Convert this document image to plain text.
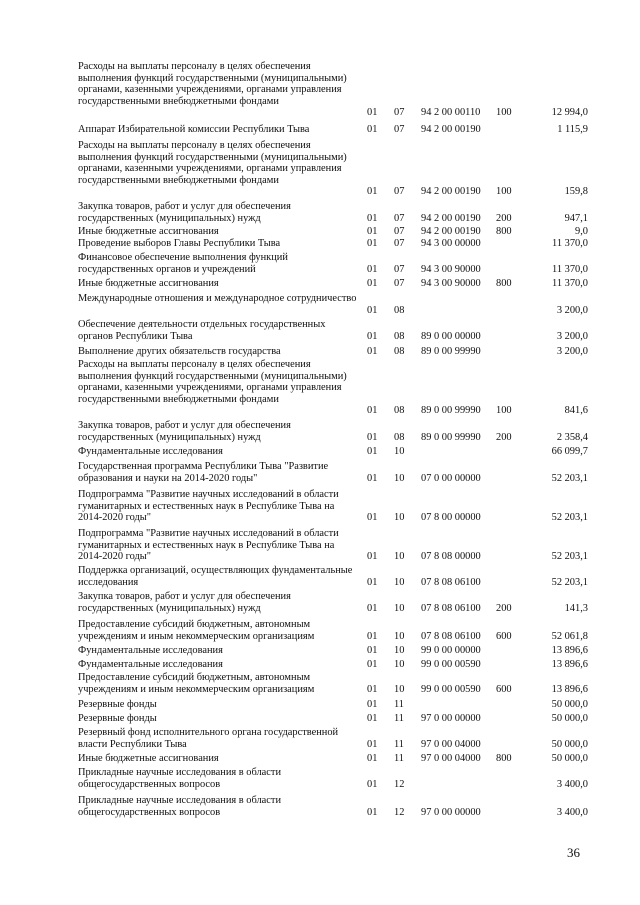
Расходы на выплаты персоналу в целях обеспечения выполнения функций государственными (муниципальными) органами, казенными учреждениями, органами управления государственными внебюджетными фондами
01 07 94 2 00 00110 100	12 994,0
Аппарат Избирательной комиссии Республики Тыва	01 07 94 2 00 00190	1 115,9
Расходы на выплаты персоналу в целях обеспечения выполнения функций государственными (муниципальными) органами, казенными учреждениями, органами управления государственными внебюджетными фондами
01 07 94 2 00 00190 100	159,8
Закупка товаров, работ и услуг для обеспечения государственных (муниципальных) нужд	01 07 94 2 00 00190 200	947,1
Иные бюджетные ассигнования	01 07 94 2 00 00190 800	9,0
Проведение выборов Главы Республики Тыва	01 07 94 3 00 00000	11 370,0
Финансовое обеспечение выполнения функций государственных органов и учреждений	01 07 94 3 00 90000	11 370,0
Иные бюджетные ассигнования	01 07 94 3 00 90000 800	11 370,0
Международные отношения и международное сотрудничество
01 08	3 200,0
Обеспечение деятельности отдельных государственных органов Республики Тыва	01 08 89 0 00 00000	3 200,0
Выполнение других обязательств государства	01 08 89 0 00 99990	3 200,0
Расходы на выплаты персоналу в целях обеспечения выполнения функций государственными (муниципальными) органами, казенными учреждениями, органами управления государственными внебюджетными фондами
01 08 89 0 00 99990 100	841,6
Закупка товаров, работ и услуг для обеспечения государственных (муниципальных) нужд	01 08 89 0 00 99990 200	2 358,4
Фундаментальные исследования	01 10	66 099,7
Государственная программа Республики Тыва "Развитие образования и науки на 2014-2020 годы"	01 10 07 0 00 00000	52 203,1
Подпрограмма "Развитие научных исследований в области гуманитарных и естественных наук в Республике Тыва на 2014-2020 годы"	01 10 07 8 00 00000	52 203,1
Подпрограмма "Развитие научных исследований в области гуманитарных и естественных наук в Республике Тыва на 2014-2020 годы"	01 10 07 8 08 00000	52 203,1
Поддержка организаций, осуществляющих фундаментальные исследования	01 10 07 8 08 06100	52 203,1
Закупка товаров, работ и услуг для обеспечения государственных (муниципальных) нужд	01 10 07 8 08 06100 200	141,3
Предоставление субсидий бюджетным, автономным учреждениям и иным некоммерческим организациям	01 10 07 8 08 06100 600	52 061,8
Фундаментальные исследования	01 10 99 0 00 00000	13 896,6
Фундаментальные исследования	01 10 99 0 00 00590	13 896,6
Предоставление субсидий бюджетным, автономным учреждениям и иным некоммерческим организациям	01 10 99 0 00 00590 600	13 896,6
Резервные фонды	01 11	50 000,0
Резервные фонды	01 11 97 0 00 00000	50 000,0
Резервный фонд исполнительного органа государственной власти Республики Тыва	01 11 97 0 00 04000	50 000,0
Иные бюджетные ассигнования	01 11 97 0 00 04000 800	50 000,0
Прикладные научные исследования в области общегосударственных вопросов	01 12	3 400,0
Прикладные научные исследования в области общегосударственных вопросов	01 12 97 0 00 00000	3 400,0
36
